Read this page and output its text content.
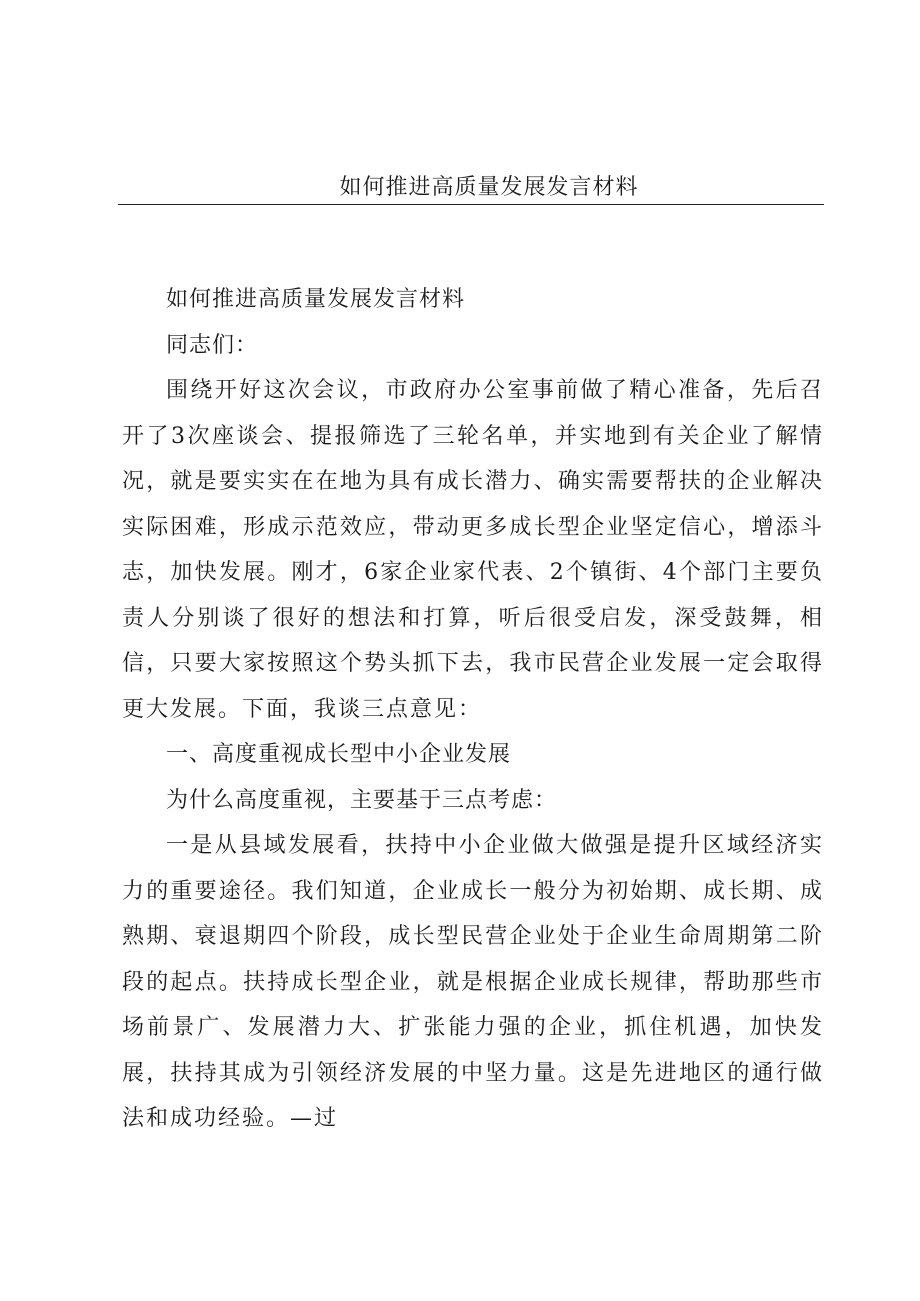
如何推进高质量发展发言材料

如何推进高质量发展发言材料

同志们：

围绕开好这次会议，市政府办公室事前做了精心准备，先后召开了3次座谈会、提报筛选了三轮名单，并实地到有关企业了解情况，就是要实实在在地为具有成长潜力、确实需要帮扶的企业解决实际困难，形成示范效应，带动更多成长型企业坚定信心，增添斗志，加快发展。刚才，6家企业家代表、2个镇街、4个部门主要负责人分别谈了很好的想法和打算，听后很受启发，深受鼓舞，相信，只要大家按照这个势头抓下去，我市民营企业发展一定会取得更大发展。下面，我谈三点意见：

一、高度重视成长型中小企业发展

为什么高度重视，主要基于三点考虑：

一是从县域发展看，扶持中小企业做大做强是提升区域经济实力的重要途径。我们知道，企业成长一般分为初始期、成长期、成熟期、衰退期四个阶段，成长型民营企业处于企业生命周期第二阶段的起点。扶持成长型企业，就是根据企业成长规律，帮助那些市场前景广、发展潜力大、扩张能力强的企业，抓住机遇，加快发展，扶持其成为引领经济发展的中坚力量。这是先进地区的通行做法和成功经验。—过
